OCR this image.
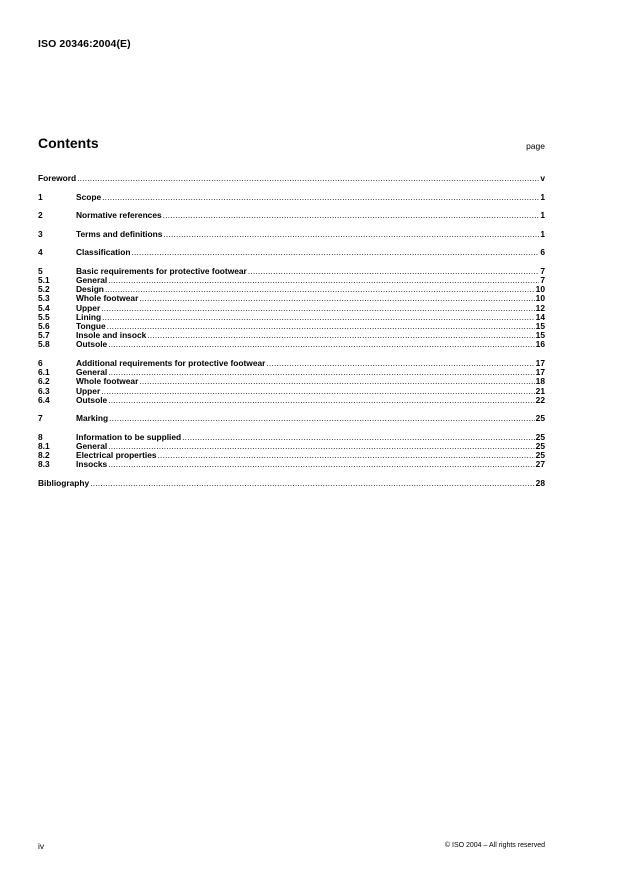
ISO 20346:2004(E)
Contents	page
Foreword .....	v
1	Scope .....	1
2	Normative references .....	1
3	Terms and definitions .....	1
4	Classification .....	6
5	Basic requirements for protective footwear .....	7
5.1	General .....	7
5.2	Design .....	10
5.3	Whole footwear .....	10
5.4	Upper .....	12
5.5	Lining .....	14
5.6	Tongue .....	15
5.7	Insole and insock .....	15
5.8	Outsole .....	16
6	Additional requirements for protective footwear .....	17
6.1	General .....	17
6.2	Whole footwear .....	18
6.3	Upper .....	21
6.4	Outsole .....	22
7	Marking .....	25
8	Information to be supplied .....	25
8.1	General .....	25
8.2	Electrical properties .....	25
8.3	Insocks .....	27
Bibliography .....	28
iv	© ISO 2004 – All rights reserved
